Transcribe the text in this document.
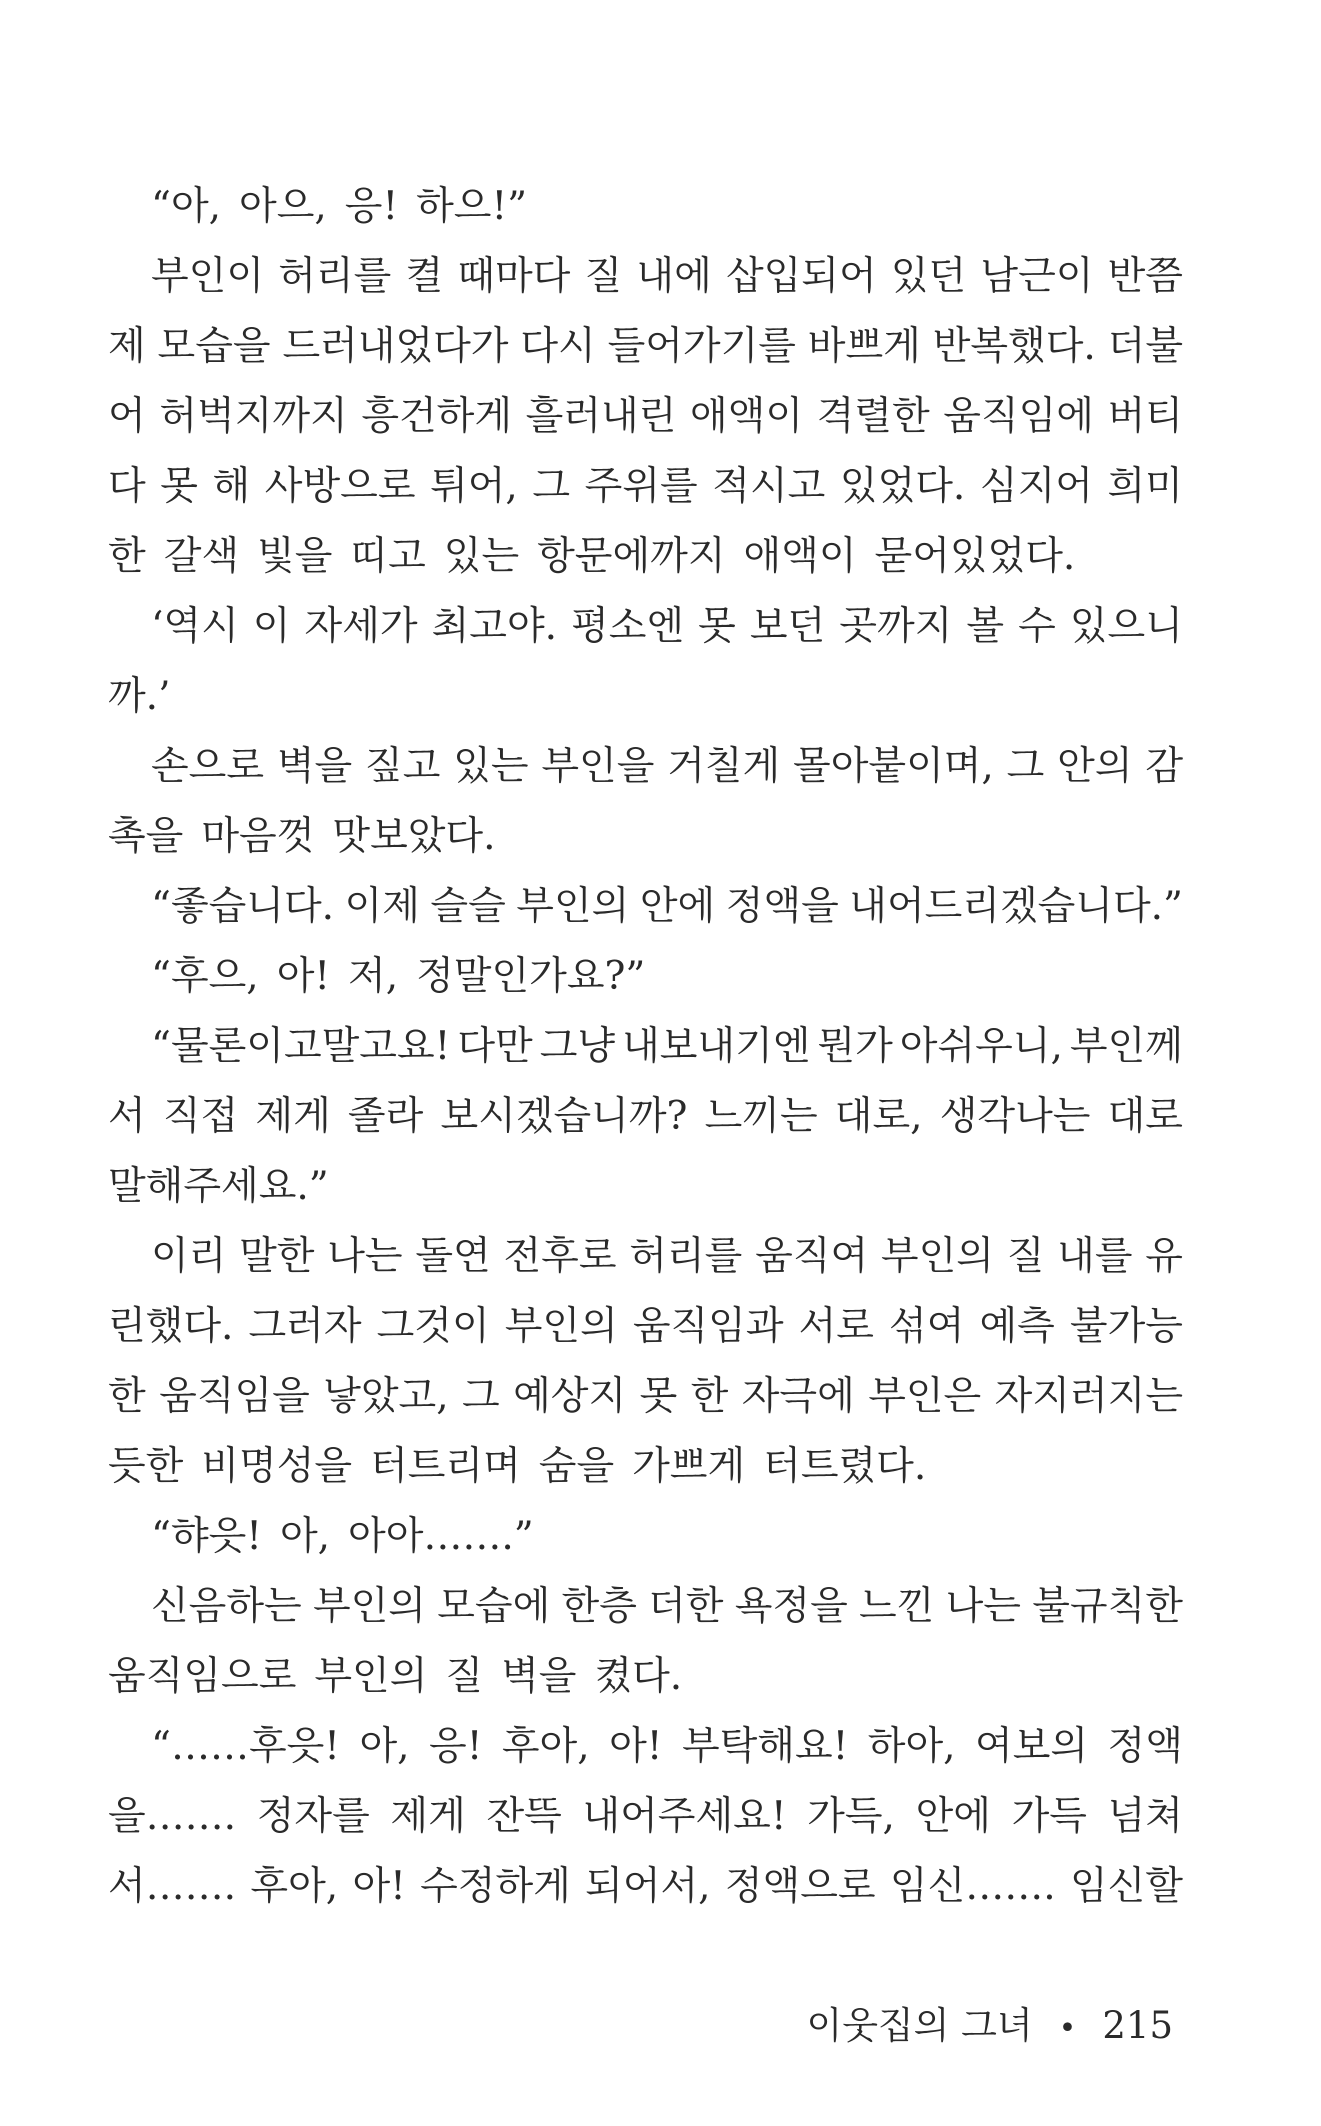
“아, 아으, 응! 하으!”
부인이 허리를 켤 때마다 질 내에 삽입되어 있던 남근이 반쯤
제 모습을 드러내었다가 다시 들어가기를 바쁘게 반복했다. 더불
어 허벅지까지 흥건하게 흘러내린 애액이 격렬한 움직임에 버티
다 못 해 사방으로 튀어, 그 주위를 적시고 있었다. 심지어 희미
한 갈색 빛을 띠고 있는 항문에까지 애액이 묻어있었다.
‘역시 이 자세가 최고야. 평소엔 못 보던 곳까지 볼 수 있으니
까.’
손으로 벽을 짚고 있는 부인을 거칠게 몰아붙이며, 그 안의 감
촉을 마음껏 맛보았다.
“좋습니다. 이제 슬슬 부인의 안에 정액을 내어드리겠습니다.”
“후으, 아! 저, 정말인가요?”
“물론이고말고요! 다만 그냥 내보내기엔 뭔가 아쉬우니, 부인께
서 직접 제게 졸라 보시겠습니까? 느끼는 대로, 생각나는 대로
말해주세요.”
이리 말한 나는 돌연 전후로 허리를 움직여 부인의 질 내를 유
린했다. 그러자 그것이 부인의 움직임과 서로 섞여 예측 불가능
한 움직임을 낳았고, 그 예상지 못 한 자극에 부인은 자지러지는
듯한 비명성을 터트리며 숨을 가쁘게 터트렸다.
“햐읏! 아, 아아…….”
신음하는 부인의 모습에 한층 더한 욕정을 느낀 나는 불규칙한
움직임으로 부인의 질 벽을 켰다.
“……후읏! 아, 응! 후아, 아! 부탁해요! 하아, 여보의 정액
을……. 정자를 제게 잔뜩 내어주세요! 가득, 안에 가득 넘쳐
서……. 후아, 아! 수정하게 되어서, 정액으로 임신……. 임신할
이웃집의 그녀 • 215
